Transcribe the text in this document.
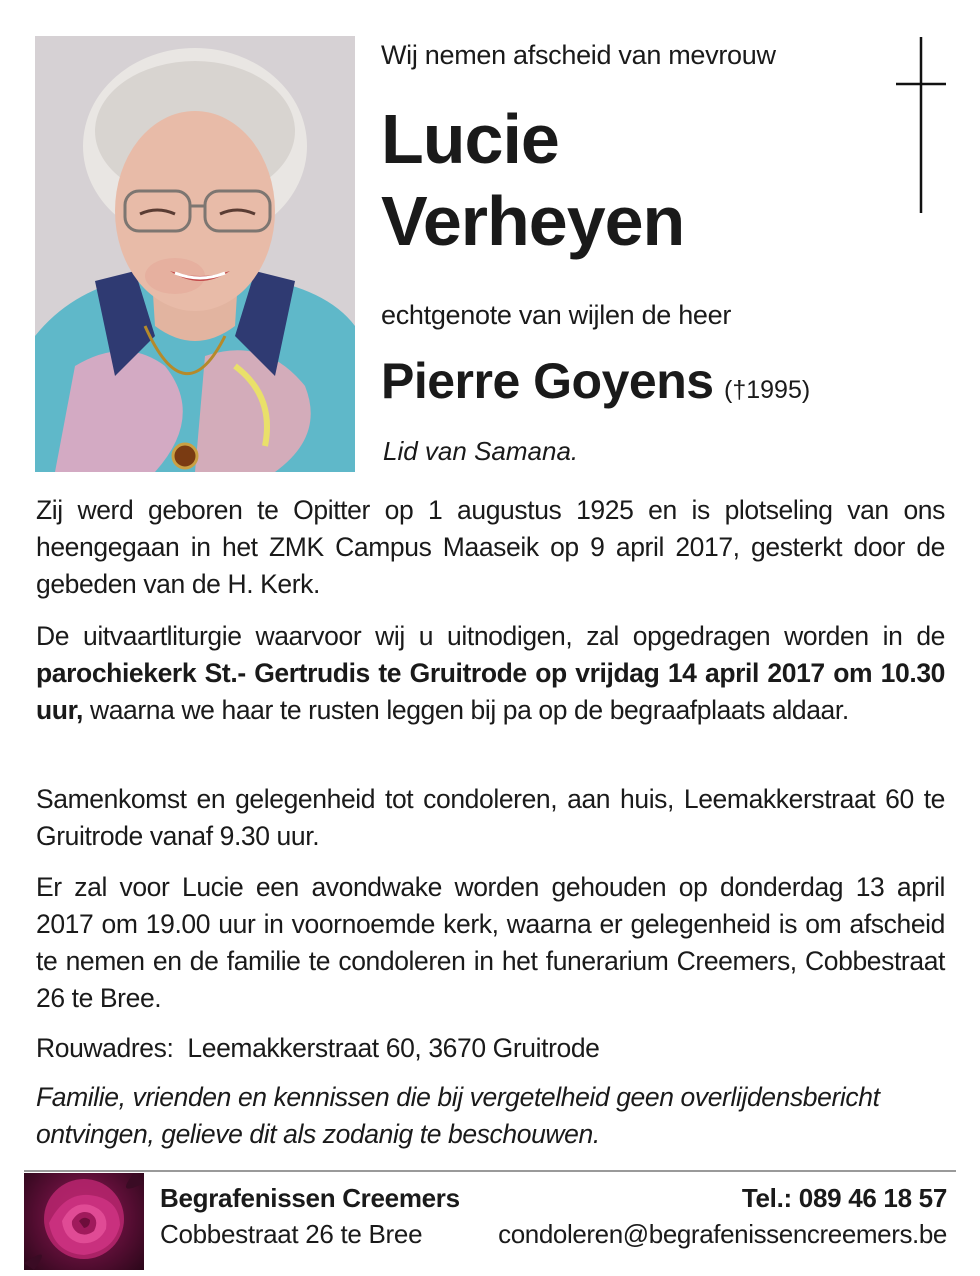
Wij nemen afscheid van mevrouw
Lucie
Verheyen
echtgenote van wijlen de heer
Pierre Goyens (†1995)
Lid van Samana.

Zij werd geboren te Opitter op 1 augustus 1925 en is plotseling van ons heengegaan in het ZMK Campus Maaseik op 9 april 2017, gesterkt door de gebeden van de H. Kerk.

De uitvaartliturgie waarvoor wij u uitnodigen, zal opgedragen worden in de parochiekerk St.- Gertrudis te Gruitrode op vrijdag 14 april 2017 om 10.30 uur, waarna we haar te rusten leggen bij pa op de begraafplaats aldaar.

Samenkomst en gelegenheid tot condoleren, aan huis, Leemakkerstraat 60 te Gruitrode vanaf 9.30 uur.

Er zal voor Lucie een avondwake worden gehouden op donderdag 13 april 2017 om 19.00 uur in voornoemde kerk, waarna er gelegenheid is om afscheid te nemen en de familie te condoleren in het funerarium Creemers, Cobbestraat 26 te Bree.

Rouwadres: Leemakkerstraat 60, 3670 Gruitrode

Familie, vrienden en kennissen die bij vergetelheid geen overlijdensbericht ontvingen, gelieve dit als zodanig te beschouwen.

Begrafenissen Creemers
Cobbestraat 26 te Bree
Tel.: 089 46 18 57
condoleren@begrafenissencreemers.be
